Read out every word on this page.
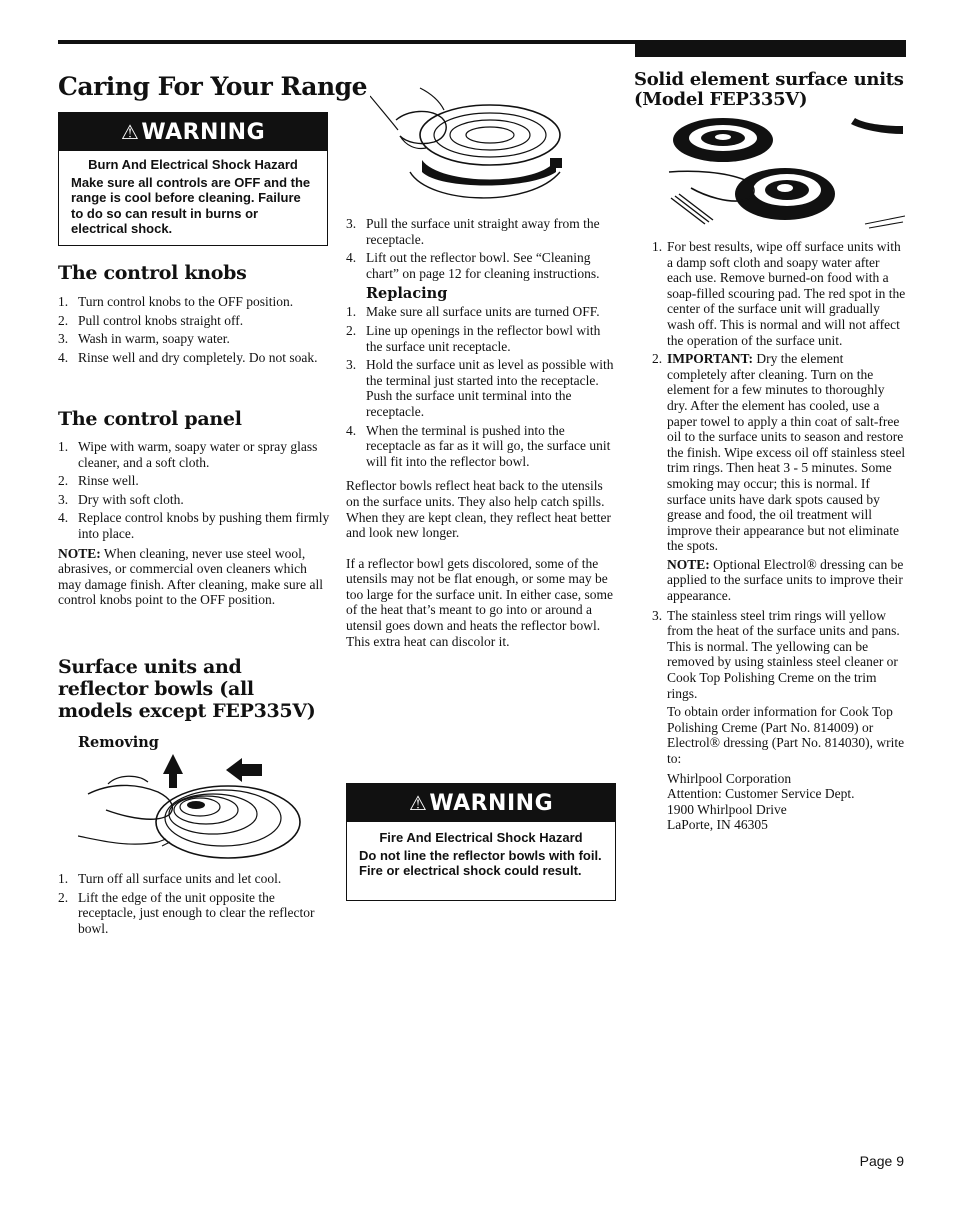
Caring For Your Range
⚠ WARNING
Burn And Electrical Shock Hazard
Make sure all controls are OFF and the range is cool before cleaning. Failure to do so can result in burns or electrical shock.
The control knobs
1. Turn control knobs to the OFF position.
2. Pull control knobs straight off.
3. Wash in warm, soapy water.
4. Rinse well and dry completely. Do not soak.
The control panel
1. Wipe with warm, soapy water or spray glass cleaner, and a soft cloth.
2. Rinse well.
3. Dry with soft cloth.
4. Replace control knobs by pushing them firmly into place.

NOTE: When cleaning, never use steel wool, abrasives, or commercial oven cleaners which may damage finish. After cleaning, make sure all control knobs point to the OFF position.

Surface units and reflector bowls (all models except FEP335V)
Removing
1. Turn off all surface units and let cool.
2. Lift the edge of the unit opposite the receptacle, just enough to clear the reflector bowl.
3. Pull the surface unit straight away from the receptacle.
4. Lift out the reflector bowl. See “Cleaning chart” on page 12 for cleaning instructions.
Replacing
1. Make sure all surface units are turned OFF.
2. Line up openings in the reflector bowl with the surface unit receptacle.
3. Hold the surface unit as level as possible with the terminal just started into the receptacle. Push the surface unit terminal into the receptacle.
4. When the terminal is pushed into the receptacle as far as it will go, the surface unit will fit into the reflector bowl.

Reflector bowls reflect heat back to the utensils on the surface units. They also help catch spills. When they are kept clean, they reflect heat better and look new longer.

If a reflector bowl gets discolored, some of the utensils may not be flat enough, or some may be too large for the surface unit. In either case, some of the heat that’s meant to go into or around a utensil goes down and heats the reflector bowl. This extra heat can discolor it.

⚠ WARNING
Fire And Electrical Shock Hazard
Do not line the reflector bowls with foil. Fire or electrical shock could result.
Solid element surface units (Model FEP335V)
1. For best results, wipe off surface units with a damp soft cloth and soapy water after each use. Remove burned-on food with a soap-filled scouring pad. The red spot in the center of the surface unit will gradually wash off. This is normal and will not affect the operation of the surface unit.
2. IMPORTANT: Dry the element completely after cleaning. Turn on the element for a few minutes to thoroughly dry. After the element has cooled, use a paper towel to apply a thin coat of salt-free oil to the surface units to season and restore the finish. Wipe excess oil off stainless steel trim rings. Then heat 3 - 5 minutes. Some smoking may occur; this is normal. If surface units have dark spots caused by grease and food, the oil treatment will improve their appearance but not eliminate the spots.

NOTE: Optional Electrol® dressing can be applied to the surface units to improve their appearance.

3. The stainless steel trim rings will yellow from the heat of the surface units and pans. This is normal. The yellowing can be removed by using stainless steel cleaner or Cook Top Polishing Creme on the trim rings.

To obtain order information for Cook Top Polishing Creme (Part No. 814009) or Electrol® dressing (Part No. 814030), write to:

Whirlpool Corporation
Attention: Customer Service Dept.
1900 Whirlpool Drive
LaPorte, IN 46305
Page 9
